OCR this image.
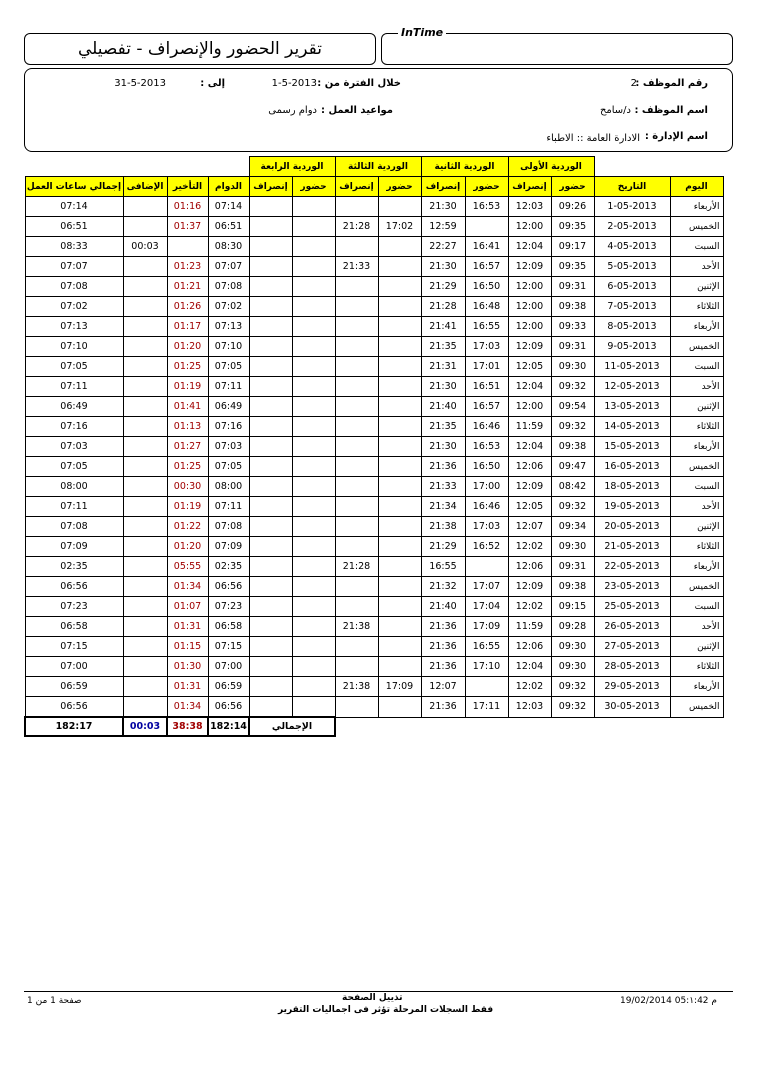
تقرير الحضور والإنصراف - تفصيلي
InTime
رقم الموظف :
2
خلال الفترة من :
1-5-2013
إلى :
31-5-2013
اسم الموظف :
د/سامح
مواعيد العمل :
دوام رسمى
اسم الإدارة :
الادارة العامة :: الاطباء
		الوردية الأولى		الوردية الثانية		الوردية الثالثة		الوردية الرابعة					
اليوم	التاريخ	حضور	إنصراف	حضور	إنصراف	حضور	إنصراف	حضور	إنصراف	الدوام	التأخير	الإضافى	إجمالي ساعات العمل
الأربعاء	1-05-2013	09:26	12:03	16:53	21:30					07:14	01:16		07:14
الخميس	2-05-2013	09:35	12:00		12:59	17:02	21:28			06:51	01:37		06:51
السبت	4-05-2013	09:17	12:04	16:41	22:27					08:30		00:03	08:33
الأحد	5-05-2013	09:35	12:09	16:57	21:30		21:33			07:07	01:23		07:07
الإثنين	6-05-2013	09:31	12:00	16:50	21:29					07:08	01:21		07:08
الثلاثاء	7-05-2013	09:38	12:00	16:48	21:28					07:02	01:26		07:02
الأربعاء	8-05-2013	09:33	12:00	16:55	21:41					07:13	01:17		07:13
الخميس	9-05-2013	09:31	12:09	17:03	21:35					07:10	01:20		07:10
السبت	11-05-2013	09:30	12:05	17:01	21:31					07:05	01:25		07:05
الأحد	12-05-2013	09:32	12:04	16:51	21:30					07:11	01:19		07:11
الإثنين	13-05-2013	09:54	12:00	16:57	21:40					06:49	01:41		06:49
الثلاثاء	14-05-2013	09:32	11:59	16:46	21:35					07:16	01:13		07:16
الأربعاء	15-05-2013	09:38	12:04	16:53	21:30					07:03	01:27		07:03
الخميس	16-05-2013	09:47	12:06	16:50	21:36					07:05	01:25		07:05
السبت	18-05-2013	08:42	12:09	17:00	21:33					08:00	00:30		08:00
الأحد	19-05-2013	09:32	12:05	16:46	21:34					07:11	01:19		07:11
الإثنين	20-05-2013	09:34	12:07	17:03	21:38					07:08	01:22		07:08
الثلاثاء	21-05-2013	09:30	12:02	16:52	21:29					07:09	01:20		07:09
الأربعاء	22-05-2013	09:31	12:06		16:55		21:28			02:35	05:55		02:35
الخميس	23-05-2013	09:38	12:09	17:07	21:32					06:56	01:34		06:56
السبت	25-05-2013	09:15	12:02	17:04	21:40					07:23	01:07		07:23
الأحد	26-05-2013	09:28	11:59	17:09	21:36		21:38			06:58	01:31		06:58
الإثنين	27-05-2013	09:30	12:06	16:55	21:36					07:15	01:15		07:15
الثلاثاء	28-05-2013	09:30	12:04	17:10	21:36					07:00	01:30		07:00
الأربعاء	29-05-2013	09:32	12:02		12:07	17:09	21:38			06:59	01:31		06:59
الخميس	30-05-2013	09:32	12:03	17:11	21:36					06:56	01:34		06:56
								الإجمالي		182:14	38:38	00:03	182:17
تذييل الصفحة
فقط السجلات المرحلة تؤثر فى اجماليات التقرير
صفحة 1 من 1	19/02/2014 05:۱:42 م
